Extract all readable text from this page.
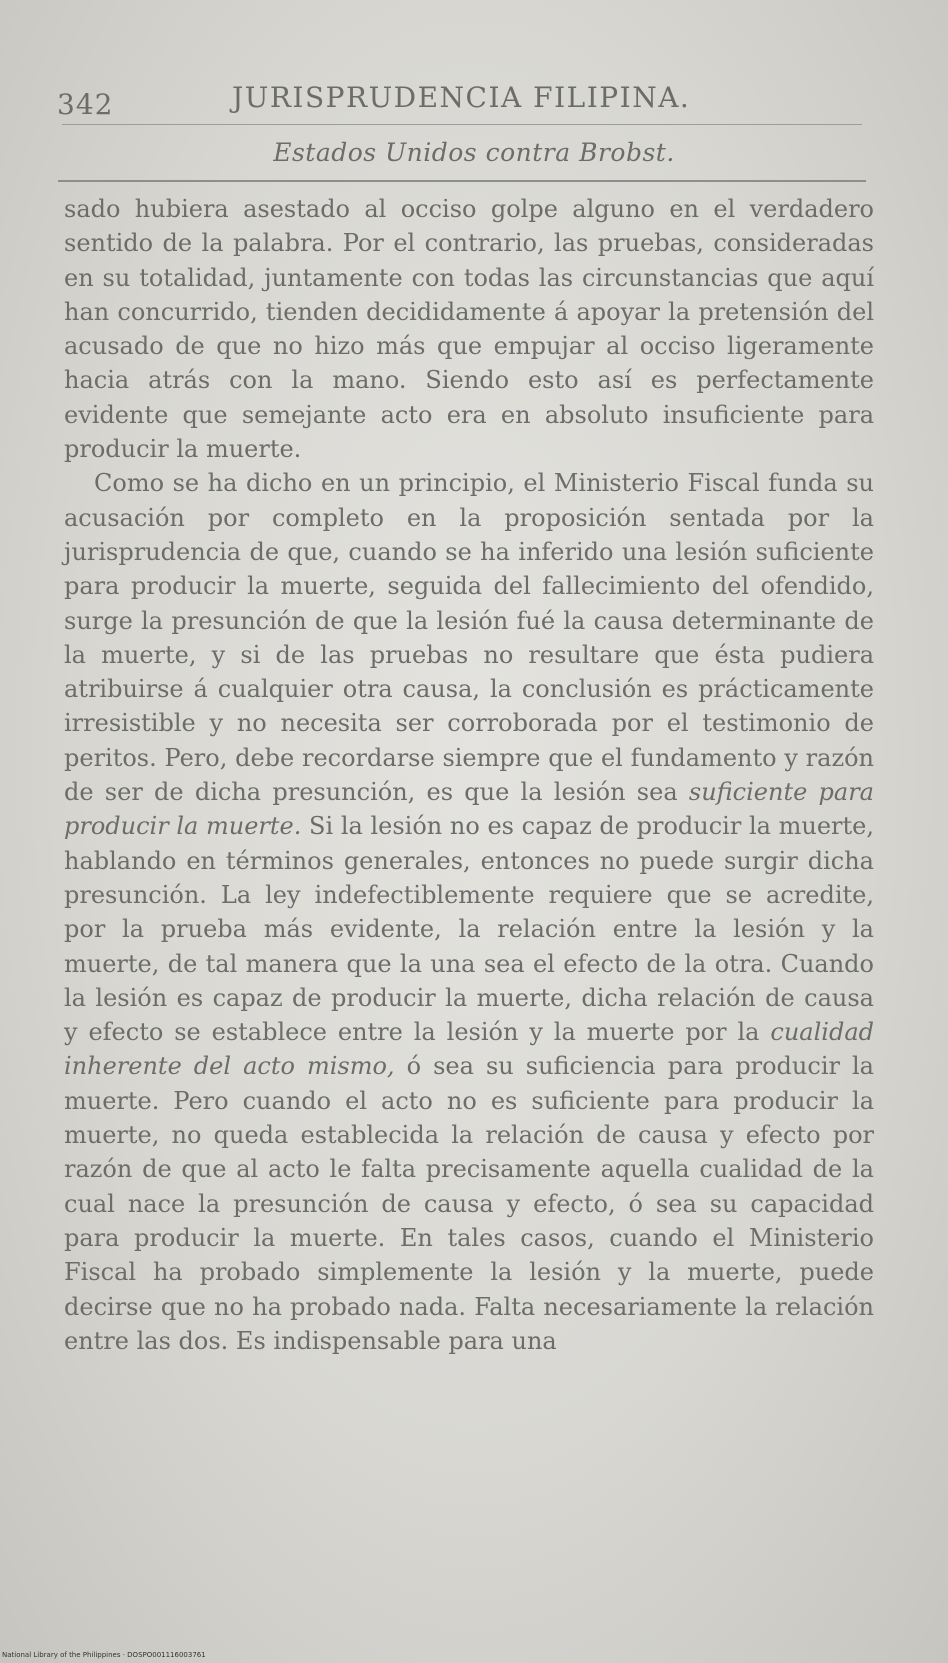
342	JURISPRUDENCIA FILIPINA.
Estados Unidos contra Brobst.

sado hubiera asestado al occiso golpe alguno en el verdadero sentido de la palabra. Por el contrario, las pruebas, consideradas en su totalidad, juntamente con todas las circunstancias que aquí han concurrido, tienden decididamente á apoyar la pretensión del acusado de que no hizo más que empujar al occiso ligeramente hacia atrás con la mano. Siendo esto así es perfectamente evidente que semejante acto era en absoluto insuficiente para producir la muerte.

Como se ha dicho en un principio, el Ministerio Fiscal funda su acusación por completo en la proposición sentada por la jurisprudencia de que, cuando se ha inferido una lesión suficiente para producir la muerte, seguida del fallecimiento del ofendido, surge la presunción de que la lesión fué la causa determinante de la muerte, y si de las pruebas no resultare que ésta pudiera atribuirse á cualquier otra causa, la conclusión es prácticamente irresistible y no necesita ser corroborada por el testimonio de peritos. Pero, debe recordarse siempre que el fundamento y razón de ser de dicha presunción, es que la lesión sea suficiente para producir la muerte. Si la lesión no es capaz de producir la muerte, hablando en términos generales, entonces no puede surgir dicha presunción. La ley indefectiblemente requiere que se acredite, por la prueba más evidente, la relación entre la lesión y la muerte, de tal manera que la una sea el efecto de la otra. Cuando la lesión es capaz de producir la muerte, dicha relación de causa y efecto se establece entre la lesión y la muerte por la cualidad inherente del acto mismo, ó sea su suficiencia para producir la muerte. Pero cuando el acto no es suficiente para producir la muerte, no queda establecida la relación de causa y efecto por razón de que al acto le falta precisamente aquella cualidad de la cual nace la presunción de causa y efecto, ó sea su capacidad para producir la muerte. En tales casos, cuando el Ministerio Fiscal ha probado simplemente la lesión y la muerte, puede decirse que no ha probado nada. Falta necesariamente la relación entre las dos. Es indispensable para una

National Library of the Philippines · DOSPO001116003761
